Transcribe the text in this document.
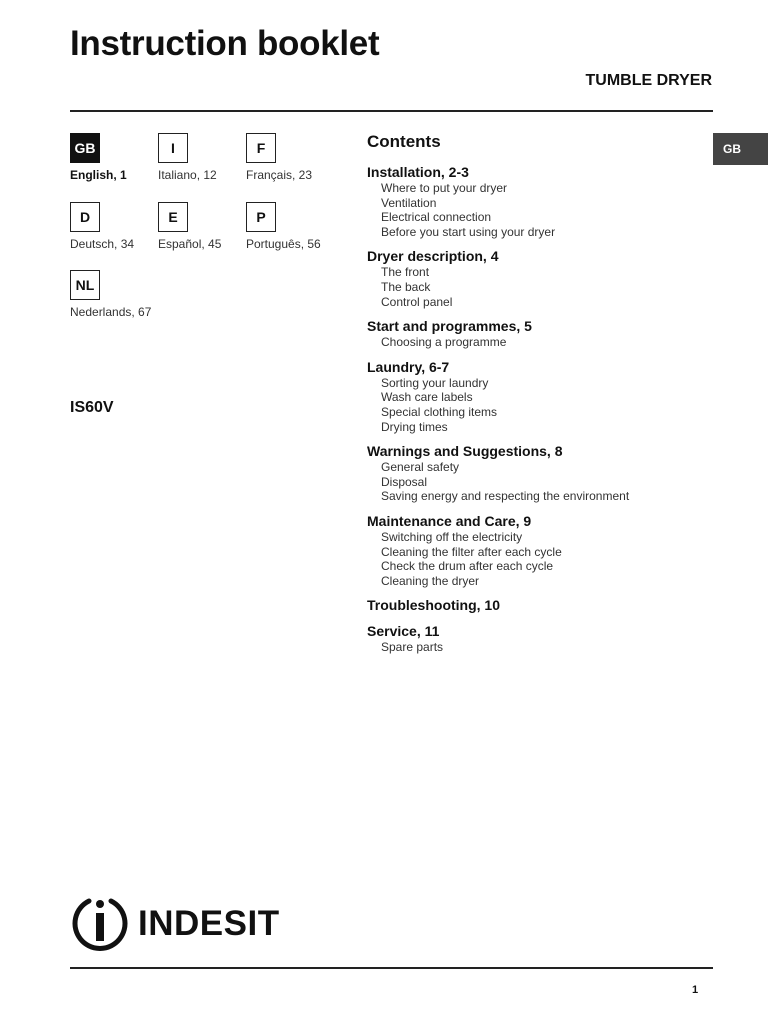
Instruction booklet
TUMBLE DRYER
GB
English, 1
I
Italiano, 12
F
Français, 23
D
Deutsch, 34
E
Español, 45
P
Português, 56
NL
Nederlands, 67
IS60V
Contents
Installation, 2-3
Where to put your dryer
Ventilation
Electrical connection
Before you start using your dryer
Dryer description, 4
The front
The back
Control panel
Start and programmes, 5
Choosing a programme
Laundry, 6-7
Sorting your laundry
Wash care labels
Special clothing items
Drying times
Warnings and Suggestions, 8
General safety
Disposal
Saving energy and respecting the environment
Maintenance and Care, 9
Switching off the electricity
Cleaning the filter after each cycle
Check the drum after each cycle
Cleaning the dryer
Troubleshooting, 10
Service, 11
Spare parts
GB
INDESIT
1
